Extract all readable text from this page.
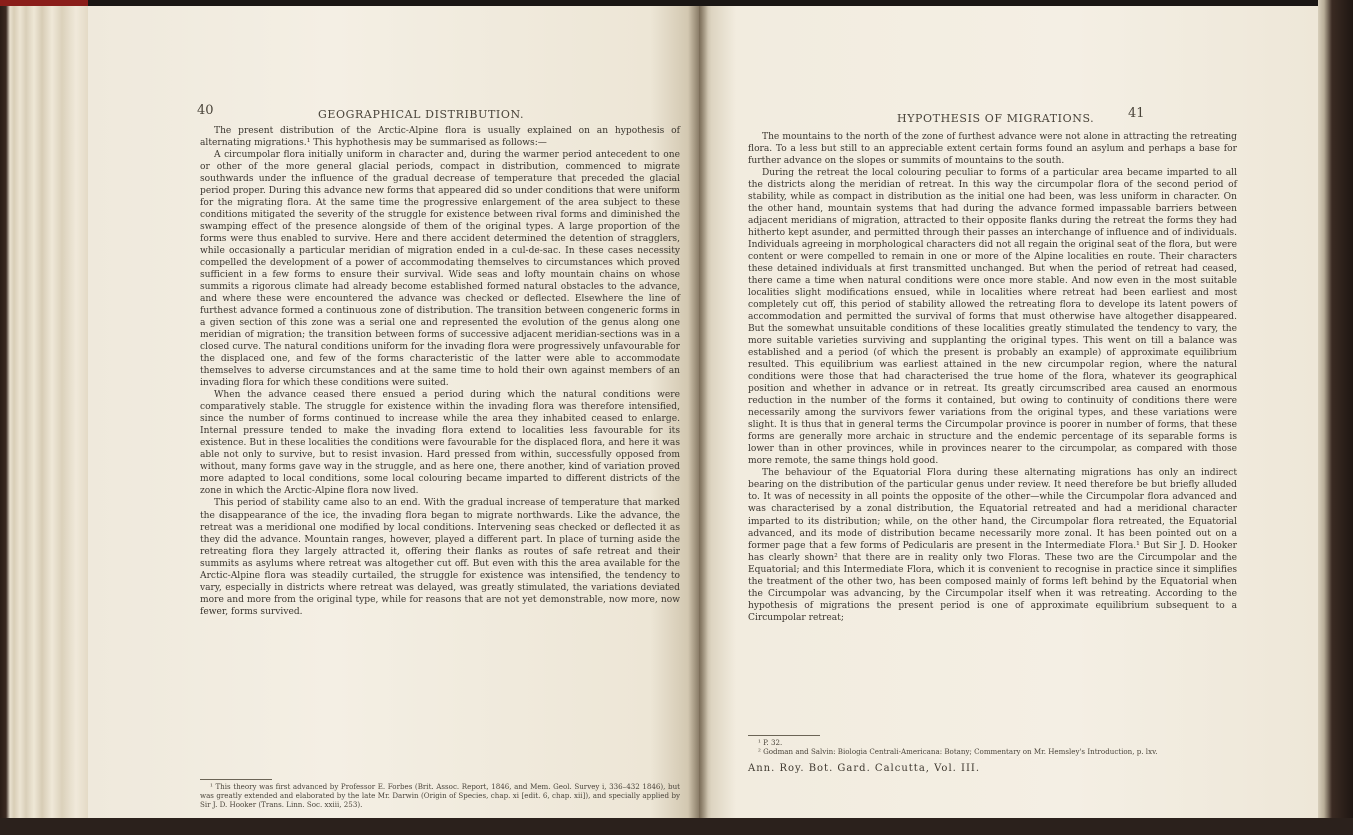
40	GEOGRAPHICAL DISTRIBUTION.

The present distribution of the Arctic-Alpine flora is usually explained on an hypothesis of alternating migrations.¹ This hyphothesis may be summarised as follows:—

A circumpolar flora initially uniform in character and, during the warmer period antecedent to one or other of the more general glacial periods, compact in distribution, commenced to migrate southwards under the influence of the gradual decrease of temperature that preceded the glacial period proper. During this advance new forms that appeared did so under conditions that were uniform for the migrating flora. At the same time the progressive enlargement of the area subject to these conditions mitigated the severity of the struggle for existence between rival forms and diminished the swamping effect of the presence alongside of them of the original types. A large proportion of the forms were thus enabled to survive. Here and there accident determined the detention of stragglers, while occasionally a particular meridian of migration ended in a cul-de-sac. In these cases necessity compelled the development of a power of accommodating themselves to circumstances which proved sufficient in a few forms to ensure their survival. Wide seas and lofty mountain chains on whose summits a rigorous climate had already become established formed natural obstacles to the advance, and where these were encountered the advance was checked or deflected. Elsewhere the line of furthest advance formed a continuous zone of distribution. The transition between congeneric forms in a given section of this zone was a serial one and represented the evolution of the genus along one meridian of migration; the transition between forms of successive adjacent meridian-sections was in a closed curve. The natural conditions uniform for the invading flora were progressively unfavourable for the displaced one, and few of the forms characteristic of the latter were able to accommodate themselves to adverse circumstances and at the same time to hold their own against members of an invading flora for which these conditions were suited.

When the advance ceased there ensued a period during which the natural conditions were comparatively stable. The struggle for existence within the invading flora was therefore intensified, since the number of forms continued to increase while the area they inhabited ceased to enlarge. Internal pressure tended to make the invading flora extend to localities less favourable for its existence. But in these localities the conditions were favourable for the displaced flora, and here it was able not only to survive, but to resist invasion. Hard pressed from within, successfully opposed from without, many forms gave way in the struggle, and as here one, there another, kind of variation proved more adapted to local conditions, some local colouring became imparted to different districts of the zone in which the Arctic-Alpine flora now lived.

This period of stability came also to an end. With the gradual increase of temperature that marked the disappearance of the ice, the invading flora began to migrate northwards. Like the advance, the retreat was a meridional one modified by local conditions. Intervening seas checked or deflected it as they did the advance. Mountain ranges, however, played a different part. In place of turning aside the retreating flora they largely attracted it, offering their flanks as routes of safe retreat and their summits as asylums where retreat was altogether cut off. But even with this the area available for the Arctic-Alpine flora was steadily curtailed, the struggle for existence was intensified, the tendency to vary, especially in districts where retreat was delayed, was greatly stimulated, the variations deviated more and more from the original type, while for reasons that are not yet demonstrable, now more, now fewer, forms survived.

¹ This theory was first advanced by Professor E. Forbes (Brit. Assoc. Report, 1846, and Mem. Geol. Survey i, 336–432 1846), but was greatly extended and elaborated by the late Mr. Darwin (Origin of Species, chap. xi [edit. 6, chap. xii]), and specially applied by Sir J. D. Hooker (Trans. Linn. Soc. xxiii, 253).

HYPOTHESIS OF MIGRATIONS.	41

The mountains to the north of the zone of furthest advance were not alone in attracting the retreating flora. To a less but still to an appreciable extent certain forms found an asylum and perhaps a base for further advance on the slopes or summits of mountains to the south.

During the retreat the local colouring peculiar to forms of a particular area became imparted to all the districts along the meridian of retreat. In this way the circumpolar flora of the second period of stability, while as compact in distribution as the initial one had been, was less uniform in character. On the other hand, mountain systems that had during the advance formed impassable barriers between adjacent meridians of migration, attracted to their opposite flanks during the retreat the forms they had hitherto kept asunder, and permitted through their passes an interchange of influence and of individuals. Individuals agreeing in morphological characters did not all regain the original seat of the flora, but were content or were compelled to remain in one or more of the Alpine localities en route. Their characters these detained individuals at first transmitted unchanged. But when the period of retreat had ceased, there came a time when natural conditions were once more stable. And now even in the most suitable localities slight modifications ensued, while in localities where retreat had been earliest and most completely cut off, this period of stability allowed the retreating flora to develope its latent powers of accommodation and permitted the survival of forms that must otherwise have altogether disappeared. But the somewhat unsuitable conditions of these localities greatly stimulated the tendency to vary, the more suitable varieties surviving and supplanting the original types. This went on till a balance was established and a period (of which the present is probably an example) of approximate equilibrium resulted. This equilibrium was earliest attained in the new circumpolar region, where the natural conditions were those that had characterised the true home of the flora, whatever its geographical position and whether in advance or in retreat. Its greatly circumscribed area caused an enormous reduction in the number of the forms it contained, but owing to continuity of conditions there were necessarily among the survivors fewer variations from the original types, and these variations were slight. It is thus that in general terms the Circumpolar province is poorer in number of forms, that these forms are generally more archaic in structure and the endemic percentage of its separable forms is lower than in other provinces, while in provinces nearer to the circumpolar, as compared with those more remote, the same things hold good.

The behaviour of the Equatorial Flora during these alternating migrations has only an indirect bearing on the distribution of the particular genus under review. It need therefore be but briefly alluded to. It was of necessity in all points the opposite of the other—while the Circumpolar flora advanced and was characterised by a zonal distribution, the Equatorial retreated and had a meridional character imparted to its distribution; while, on the other hand, the Circumpolar flora retreated, the Equatorial advanced, and its mode of distribution became necessarily more zonal. It has been pointed out on a former page that a few forms of Pedicularis are present in the Intermediate Flora.¹ But Sir J. D. Hooker has clearly shown² that there are in reality only two Floras. These two are the Circumpolar and the Equatorial; and this Intermediate Flora, which it is convenient to recognise in practice since it simplifies the treatment of the other two, has been composed mainly of forms left behind by the Equatorial when the Circumpolar was advancing, by the Circumpolar itself when it was retreating. According to the hypothesis of migrations the present period is one of approximate equilibrium subsequent to a Circumpolar retreat;

¹ P. 32.

² Godman and Salvin: Biologia Centrali-Americana: Botany; Commentary on Mr. Hemsley's Introduction, p. lxv.

Ann. Roy. Bot. Gard. Calcutta, Vol. III.
